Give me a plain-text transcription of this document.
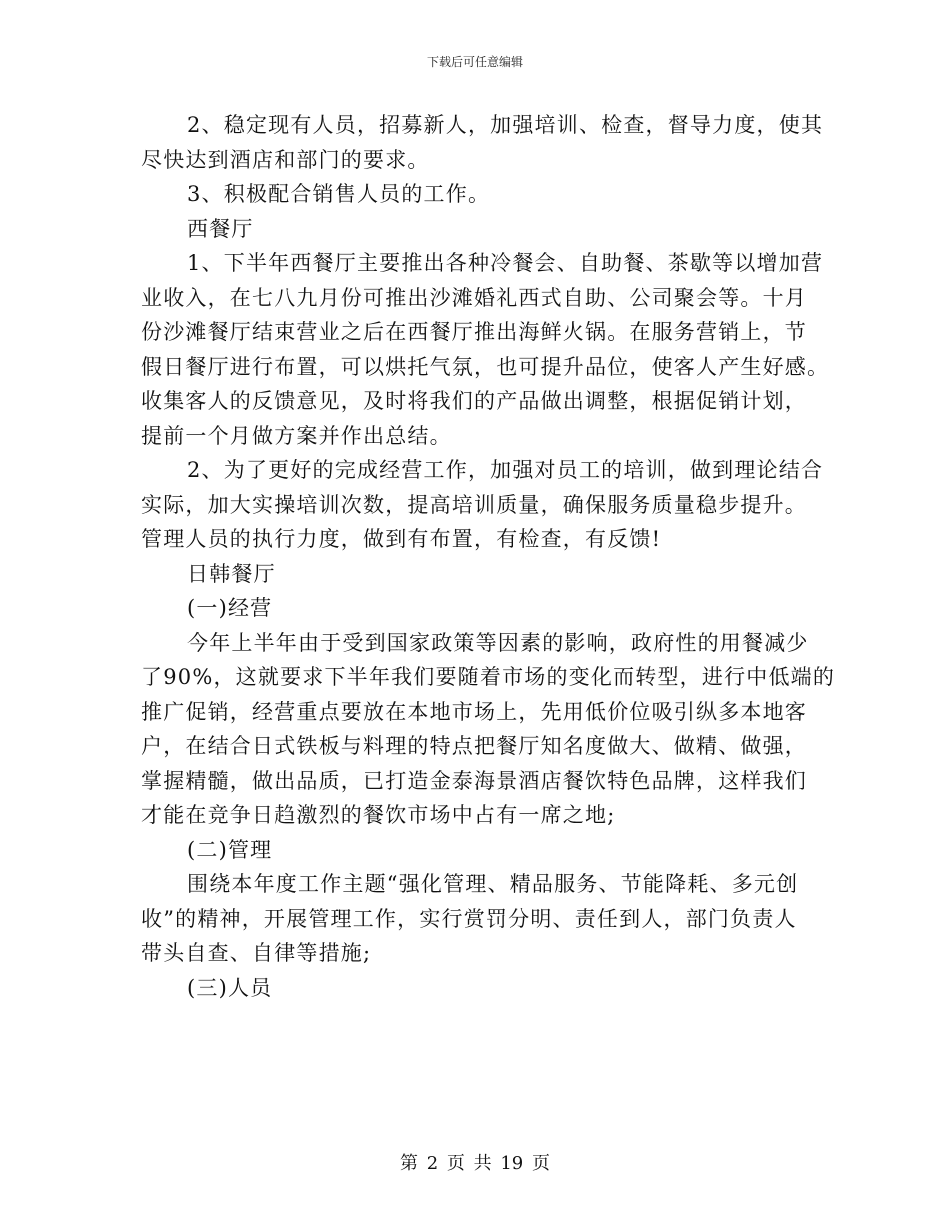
下载后可任意编辑
2、稳定现有人员，招募新人，加强培训、检查，督导力度，使其
尽快达到酒店和部门的要求。
3、积极配合销售人员的工作。
西餐厅
1、下半年西餐厅主要推出各种冷餐会、自助餐、茶歇等以增加营
业收入，在七八九月份可推出沙滩婚礼西式自助、公司聚会等。十月
份沙滩餐厅结束营业之后在西餐厅推出海鲜火锅。在服务营销上，节
假日餐厅进行布置，可以烘托气氛，也可提升品位，使客人产生好感。
收集客人的反馈意见，及时将我们的产品做出调整，根据促销计划，
提前一个月做方案并作出总结。
2、为了更好的完成经营工作，加强对员工的培训，做到理论结合
实际，加大实操培训次数，提高培训质量，确保服务质量稳步提升。
管理人员的执行力度，做到有布置，有检查，有反馈!
日韩餐厅
(一)经营
今年上半年由于受到国家政策等因素的影响，政府性的用餐减少
了90%，这就要求下半年我们要随着市场的变化而转型，进行中低端的
推广促销，经营重点要放在本地市场上，先用低价位吸引纵多本地客
户，在结合日式铁板与料理的特点把餐厅知名度做大、做精、做强，
掌握精髓，做出品质，已打造金泰海景酒店餐饮特色品牌，这样我们
才能在竞争日趋激烈的餐饮市场中占有一席之地;
(二)管理
围绕本年度工作主题“强化管理、精品服务、节能降耗、多元创
收”的精神，开展管理工作，实行赏罚分明、责任到人，部门负责人
带头自查、自律等措施;
(三)人员
第 2 页 共 19 页
